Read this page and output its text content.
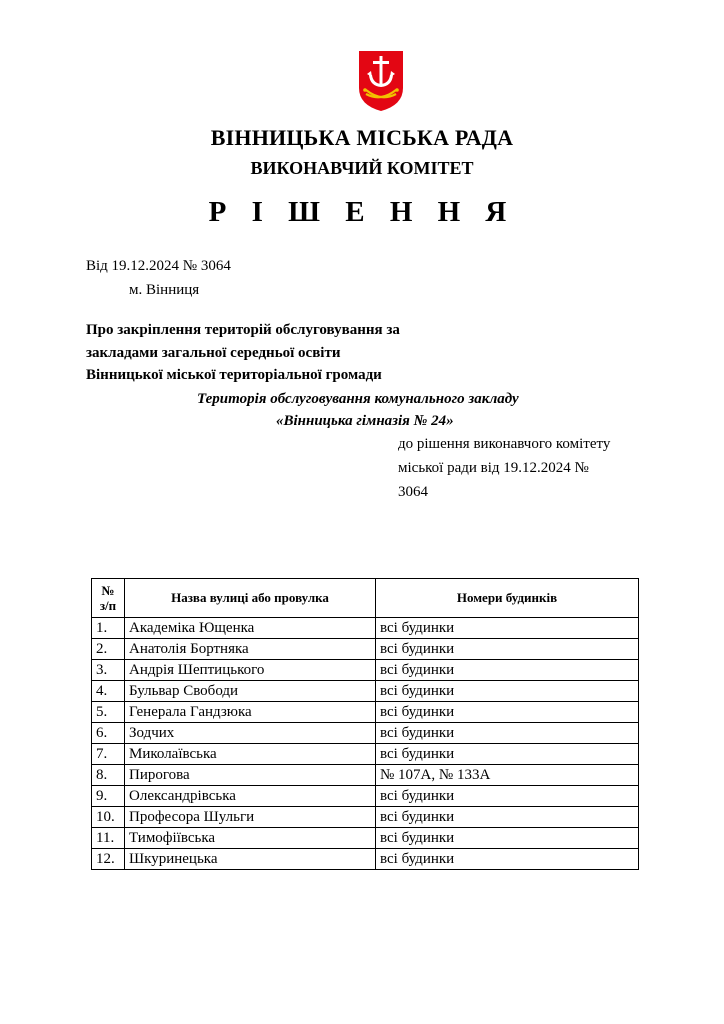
ВІННИЦЬКА МІСЬКА РАДА
ВИКОНАВЧИЙ КОМІТЕТ
Р І Ш Е Н Н Я
Від 19.12.2024 № 3064
м. Вінниця
Про закріплення територій обслуговування за
закладами загальної середньої освіти
Вінницької міської територіальної громади
Територія обслуговування комунального закладу
«Вінницька гімназія № 24»
до рішення виконавчого комітету
міської ради від 19.12.2024 №
3064
№
з/п	Назва вулиці або провулка	Номери будинків
1.	Академіка Ющенка	всі будинки
2.	Анатолія Бортняка	всі будинки
3.	Андрія Шептицького	всі будинки
4.	Бульвар Свободи	всі будинки
5.	Генерала Гандзюка	всі будинки
6.	Зодчих	всі будинки
7.	Миколаївська	всі будинки
8.	Пирогова	№ 107А, № 133А
9.	Олександрівська	всі будинки
10.	Професора Шульги	всі будинки
11.	Тимофіївська	всі будинки
12.	Шкуринецька	всі будинки
